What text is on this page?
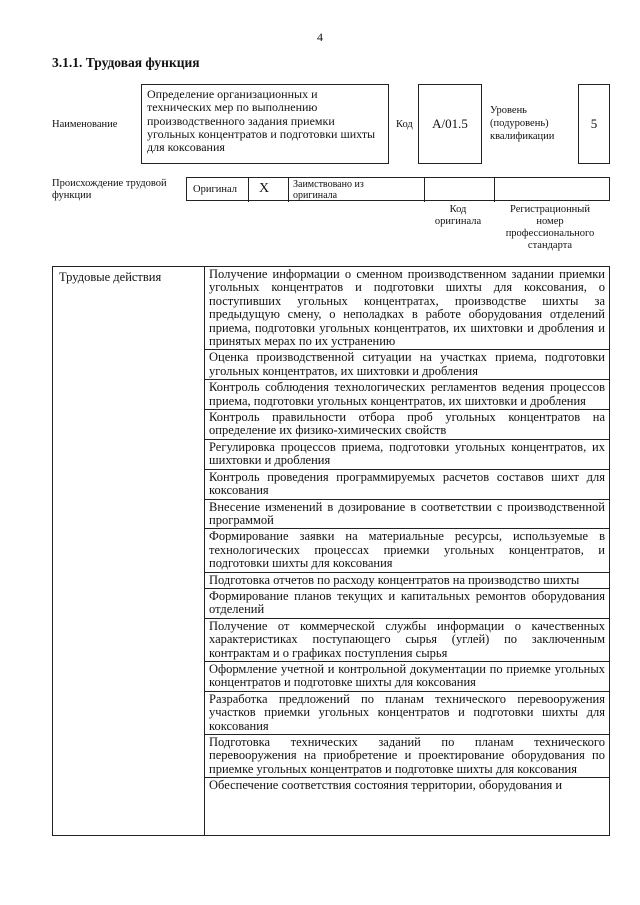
4
3.1.1. Трудовая функция
Наименование
Определение организационных и технических мер по выполнению производственного задания приемки угольных концентратов и подготовки шихты для коксования
Код	А/01.5
Уровень (подуровень) квалификации
5
Происхождение трудовой функции
Оригинал X Заимствовано из оригинала
Код оригинала
Регистрационный номер профессионального стандарта
Трудовые действия	Получение информации о сменном производственном задании приемки угольных концентратов и подготовки шихты для коксования, о поступивших угольных концентратах, производстве шихты за предыдущую смену, о неполадках в работе оборудования отделений приема, подготовки угольных концентратов, их шихтовки и дробления и принятых мерах по их устранению
Оценка производственной ситуации на участках приема, подготовки угольных концентратов, их шихтовки и дробления
Контроль соблюдения технологических регламентов ведения процессов приема, подготовки угольных концентратов, их шихтовки и дробления
Контроль правильности отбора проб угольных концентратов на определение их физико-химических свойств
Регулировка процессов приема, подготовки угольных концентратов, их шихтовки и дробления
Контроль проведения программируемых расчетов составов шихт для коксования
Внесение изменений в дозирование в соответствии с производственной программой
Формирование заявки на материальные ресурсы, используемые в технологических процессах приемки угольных концентратов, и подготовки шихты для коксования
Подготовка отчетов по расходу концентратов на производство шихты
Формирование планов текущих и капитальных ремонтов оборудования отделений
Получение от коммерческой службы информации о качественных характеристиках поступающего сырья (углей) по заключенным контрактам и о графиках поступления сырья
Оформление учетной и контрольной документации по приемке угольных концентратов и подготовке шихты для коксования
Разработка предложений по планам технического перевооружения участков приемки угольных концентратов и подготовки шихты для коксования
Подготовка технических заданий по планам технического перевооружения на приобретение и проектирование оборудования по приемке угольных концентратов и подготовке шихты для коксования
Обеспечение соответствия состояния территории, оборудования и
